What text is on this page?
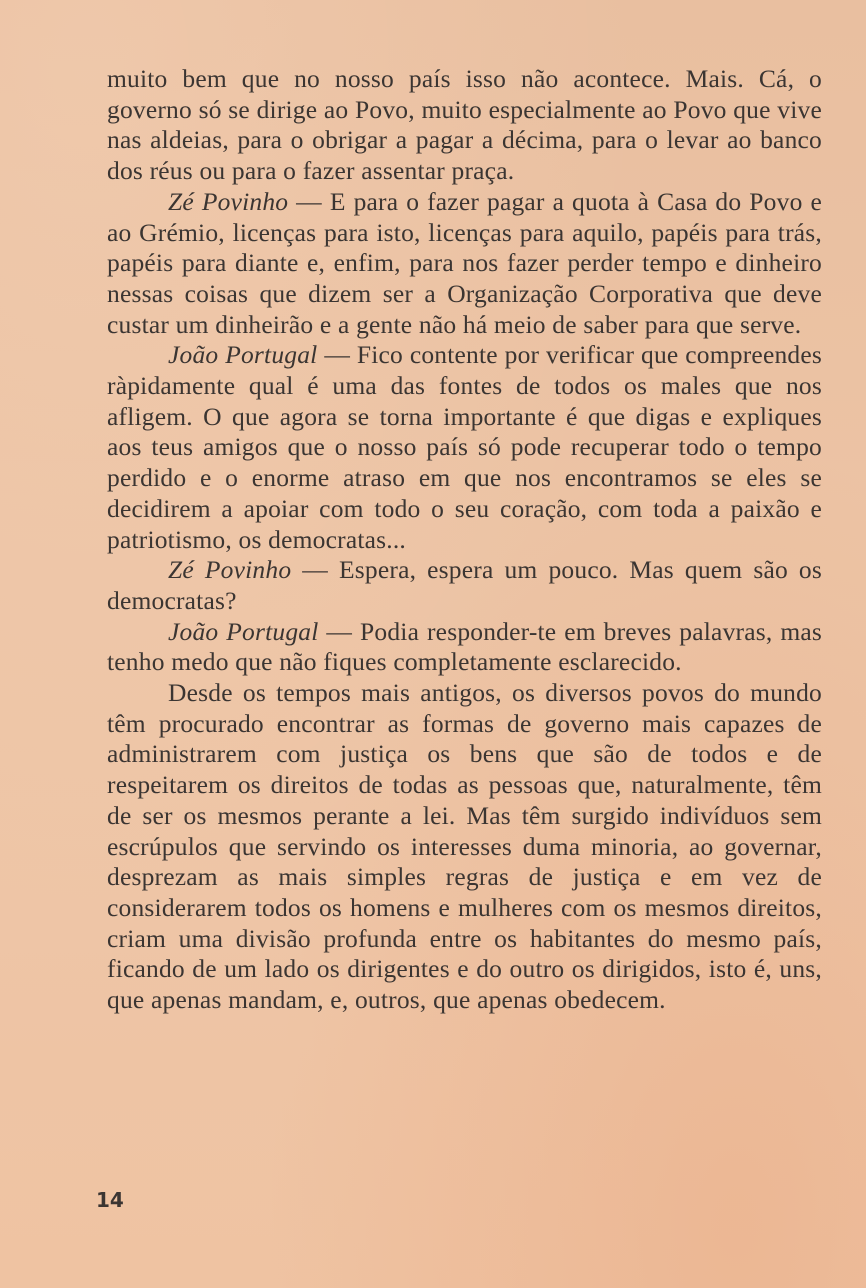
muito bem que no nosso país isso não acontece. Mais. Cá, o governo só se dirige ao Povo, muito especialmente ao Povo que vive nas aldeias, para o obrigar a pagar a décima, para o levar ao banco dos réus ou para o fazer assentar praça.

Zé Povinho — E para o fazer pagar a quota à Casa do Povo e ao Grémio, licenças para isto, licenças para aquilo, papéis para trás, papéis para diante e, enfim, para nos fazer perder tempo e dinheiro nessas coisas que dizem ser a Organização Corporativa que deve custar um dinheirão e a gente não há meio de saber para que serve.

João Portugal — Fico contente por verificar que compreendes ràpidamente qual é uma das fontes de todos os males que nos afligem. O que agora se torna importante é que digas e expliques aos teus amigos que o nosso país só pode recuperar todo o tempo perdido e o enorme atraso em que nos encontramos se eles se decidirem a apoiar com todo o seu coração, com toda a paixão e patriotismo, os democratas...

Zé Povinho — Espera, espera um pouco. Mas quem são os democratas?

João Portugal — Podia responder-te em breves palavras, mas tenho medo que não fiques completamente esclarecido.

Desde os tempos mais antigos, os diversos povos do mundo têm procurado encontrar as formas de governo mais capazes de administrarem com justiça os bens que são de todos e de respeitarem os direitos de todas as pessoas que, naturalmente, têm de ser os mesmos perante a lei. Mas têm surgido indivíduos sem escrúpulos que servindo os interesses duma minoria, ao governar, desprezam as mais simples regras de justiça e em vez de considerarem todos os homens e mulheres com os mesmos direitos, criam uma divisão profunda entre os habitantes do mesmo país, ficando de um lado os dirigentes e do outro os dirigidos, isto é, uns, que apenas mandam, e, outros, que apenas obedecem.

14
